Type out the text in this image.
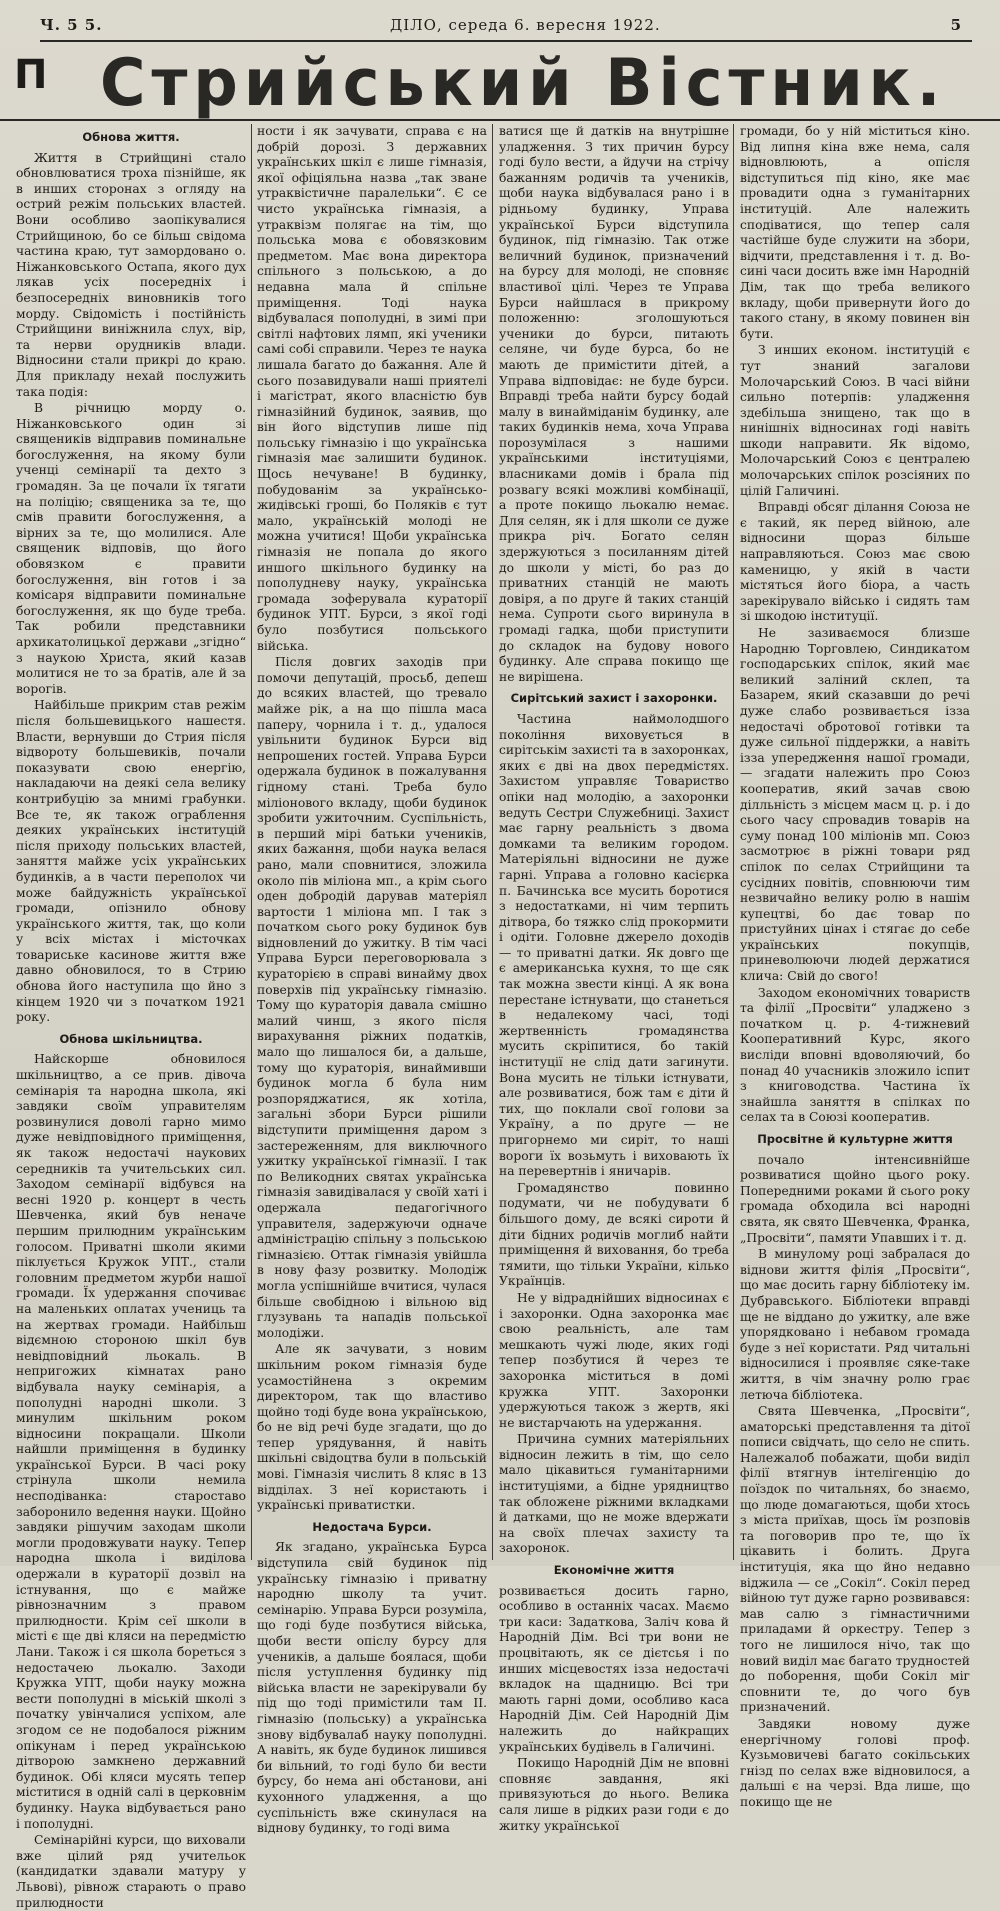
Ч. 5 5.	ДІЛО, середа 6. вересня 1922.	5
П Стрийський Вістник.
Обнова життя.

Життя в Стрийщині стало обновлюватися троха пізнійше, як в инших сторонах з огляду на острий режім польських властей. Вони особливо заопікувалися Стрийщиною, бо се більш свідома частина краю, тут замордовано о. Ніжанковського Остапа, якого дух лякав усіх посередніх і безпосередніх виновників того морду. Свідомість і постійність Стрийщини виніжнила слух, вір, та нерви орудників влади. Відносини стали прикрі до краю. Для прикладу нехай послужить така подія:

В річницю морду о. Ніжанковського один зі священиків відправив поминальне богослуження, на якому були ученці семінарії та дехто з громадян. За це почали їх тягати на поліцію; священика за те, що смів правити богослуження, а вірних за те, що молилися. Але священик відповів, що його обовязком є правити богослуження, він готов і за комісаря відправити поминальне богослуження, як що буде треба. Так робили представники архикатолицької держави „згідно“ з наукою Христа, який казав молитися не то за братів, але й за ворогів.

Найбільше прикрим став режім після большевицького нашестя. Власти, вернувши до Стрия після відвороту большевиків, почали показувати свою енергію, накладаючи на деякі села велику контрибуцію за мнимі грабунки. Все те, як також ограблення деяких українських інституцій після приходу польських властей, заняття майже усіх українських будинків, а в части переполох чи може байдужність української громади, опізнило обнову українського життя, так, що коли у всіх містах і місточках товариське касинове життя вже давно обновилося, то в Стрию обнова його наступила що йно з кінцем 1920 чи з початком 1921 року.

Обнова шкільництва.

Найскорше обновилося шкільництво, а се прив. дівоча семінарія та народна школа, які завдяки своїм управителям розвинулися доволі гарно мимо дуже невідповідного приміщення, як також недостачі наукових середників та учительських сил. Заходом семінарії відбувся на весні 1920 р. концерт в честь Шевченка, який був неначе першим прилюдним українським голосом. Приватні школи якими піклується Кружок УПТ., стали головним предметом журби нашої громади. Їх удержання спочиває на маленьких оплатах учениць та на жертвах громади. Найбільш відємною сторонoю шкіл був невідповідний льокаль. В непригожих кімнатах рано відбувала науку семінарія, а пополудні народні школи. З минулим шкільним роком відносини покращали. Школи найшли приміщення в будинку української Бурси. В часі року стрінула школи немила несподіванка: старостaво заборонило ведення науки. Щойно завдяки рішучим заходам школи могли продовжувати науку. Тепер народна школа і виділова одержали в кураторії дозвіл на істнування, що є майже рівнозначним з правом прилюдности. Крім сеї школи в місті є ще дві кляси на передмістю Лани. Також і ся школа бореться з недостачею льокалю. Заходи Кружка УПТ, щоби науку можна вести пополудні в міській школі з початку увінчалися успіхом, але згодом се не подобалося ріжним опікунам і перед українською дітворою замкнено державний будинок. Обі кляси мусять тепер міститися в одній салі в церковнім будинку. Наука відбувається рано і пополудні.

Семінарійні курси, що виховали вже цілий ряд учительок (кандидатки здавали матуру у Львові), рівнож старають о право прилюдности

ности і як зачувати, справа є на добрій дорозі. З державних українських шкіл є лише гімназія, якої офіціяльна назва „так зване утраквістичне паралельки“. Є се чисто українська гімназія, а утраквізм полягає на тім, що польська мова є обовязковим предметом. Має вона директора спільного з польською, а до недавна мала й спільне приміщення. Тоді наука відбувалася пополудні, в зимі при світлі нафтових лямп, які ученики самі собі справили. Через те наука лишала багато до бажання. Але й сього позавидували наші приятелі і магістрат, якого власністю був гімназійний будинок, заявив, що він його відступив лише під польську гімназію і що українська гімназія має залишити будинок. Щось нечуване! В будинку, побудованім за українсько-жидівські гроші, бо Поляків є тут мало, українській молоді не можна учитися! Щоби українська гімназія не попала до якого иншого шкільного будинку на пополудневу науку, українська громада зоферувала кураторії будинок УПТ. Бурси, з якої годі було позбутися польського війська.

Після довгих заходів при помочи депутацій, просьб, депеш до всяких властей, що тревало майже рік, а на що пішла маса паперу, чорнила і т. д., удалося увільнити будинок Бурси від непрошених гостей. Управа Бурси одержала будинок в пожалування гідному стані. Треба було міліонового вкладу, щоби будинок зробити ужиточним. Суспільність, в перший мірі батьки учеників, яких бажання, щоби наука велася рано, мали сповнитися, зложила около пів міліона мп., а крім сього оден добродій дарував матеріял вартости 1 міліона мп. І так з початком сього року будинок був відновлений до ужитку. В тім часі Управа Бурси переговорювала з кураторією в справі винайму двох поверхів під українську гімназію. Тому що кураторія давала смішно малий чинш, з якого після вирахування ріжних податків, мало що лишалося би, а дальше, тому що кураторія, винаймивши будинок могла б була ним розпоряджатися, як хотіла, загальні збори Бурси рішили відступити приміщення даром з застереженням, для виключного ужитку української гімназії. І так по Великодних святах українська гімназія завидівалася у своїй хаті і одержала педагогічного управителя, задержуючи одначе адміністрацію спільну з польською гімназією. Оттак гімназія увійшла в нову фазу розвитку. Молодіж могла успішнійше вчитися, чулася більше свобідною і вільною від глузувань та нападів польської молодіжи.

Але як зачувати, з новим шкільним роком гімназія буде усамостійнена з окремим директором, так що властиво щойно тоді буде вона українською, бо не від речі буде згадати, що до тепер урядування, й навіть шкільні свідоцтва були в польській мові. Гімназія числить 8 кляс в 13 відділах. З неї користають і українські приватистки.

Недостача Бурси.

Як згадано, українська Бурса відступила свій будинок під українську гімназію і приватну народню школу та учит. семінарію. Управа Бурси розуміла, що годі буде позбутися війська, щоби вести опіслу бурсу для учеників, а дальше боялася, щоби після уступлення будинку під війська власти не зарекірували бу під що тоді примістили там II. гімназію (польську) а українська знову відбувалаб науку пополудні. А навіть, як буде будинок лишився би вільний, то годі було би вести бурсу, бо нема ані обстанови, ані кухонного уладження, а що суспільність вже скинулася на віднову будинку, то годі вима

ватися ще й датків на внутрішне уладження. З тих причин бурсу годі було вести, а йдучи на стрічу бажанням родичів та учеників, щоби наука відбувалася рано і в рідньому будинку, Управа української Бурси відступила будинок, під гімназію. Так отже величний будинок, призначений на бурсу для молоді, не сповняє властивої цілі. Через те Управа Бурси найшлася в прикрому положенню: зголошуються ученики до бурси, питають селяне, чи буде бурса, бо не мають де примістити дітей, а Управа відповідає: не буде бурси. Вправді треба найти бурсу бодай малу в винайміданім будинку, але таких будинків нема, хоча Управа порозумілася з нашими українськими інституціями, власниками домів і брала під розвагу всякі можливі комбінації, а проте покищо льокалю немає. Для селян, як і для школи се дуже прикра річ. Богато селян здержуються з посиланням дітей до школи у містi, бо раз до приватних станцій не мають довіря, а по друге й таких станцій нема. Супроти сього виринула в громаді гадка, щоби приступити до складок на будову нового будинку. Але справа покищо ще не вирішена.

Сирітський захист і захоронки.

Частина наймолодшого покоління виховується в сирітськім захисті та в захоронках, яких є дві на двох передмістях. Захистом управляє Товариство опіки над молодію, а захоронки ведуть Сестри Служебниці. Захист має гарну реальність з двома домками та великим городом. Матеріяльні відносини не дуже гарні. Управа а головно касієрка п. Бачинська все мусить боротися з недостатками, ні чим терпить дітвора, бо тяжко слід прокормити і одіти. Головне джерело доходів — то приватні датки. Як довго ще є американська кухня, то ще сяк так можна звести кінці. А як вона перестане істнувати, що станеться в недалекому часі, тоді жертвенність громадянства мусить скріпитися, бо такій інституції не слід дати загинути. Вона мусить не тільки істнувати, але розвиватися, бож там є діти й тих, що поклали свої голови за Україну, а по друге — не пригорнемо ми сиріт, то наші вороги їх возьмуть і виховають їх на перевертнів і яничарів.

Громадянство повинно подумати, чи не побудувати б більшого дому, де всякі сироти й діти бідних родичів моглиб найти приміщення й виховання, бо треба тямити, що тільки України, кілько Українців.

Не у відраднійших відносинах є і захоронки. Одна захоронка має свою реальність, але там мешкають чужі люде, яких годі тепер позбутися й через те захоронка міститься в домі кружка УПТ. Захоронки удержуються також з жертв, які не вистарчають на удержання.

Причина сумних матеріяльних відносин лежить в тім, що село мало цікавиться гуманітарними інституціями, а бідне урядництво так обложене ріжними вкладками й датками, що не може вдержати на своїх плечах захисту та захоронок.

Економічне життя

розвивається досить гарно, особливо в останніх часах. Маємо три каси: Задаткова, Заліч кова й Народній Дім. Всі три вони не процвітають, як се дієтсья і по инших місцевостях ізза недостачі вкладок на щадницю. Всі три мають гарні доми, особливо каса Народній Дім. Сей Народній Дім належить до найкращих українських будівель в Галичині.

Покищо Народній Дім не вповні сповняє завдання, які привязуються до нього. Велика саля лише в рідких рази годи є до житку української

громади, бо у ній міститься кіно. Від липня кіна вже нема, саля відновлюють, а опісля відступиться під кіно, яке має провадити одна з гуманітарних інституцій. Але належить сподіватися, що тепер саля частійше буде служити на збори, відчити, представлення і т. д. Во-сині часи досить вже імн Народній Дім, так що треба великого вкладу, щоби привернути його до такого стану, в якому повинен він бути.

З инших економ. інституцій є тут знаний загалови Молочарський Союз. В часі війни сильно потерпів: уладження здебільша знищено, так що в нинішніх відносинах годі навіть шкоди направити. Як відомо, Молочарський Союз є централею молочарських спілок розсіяних по цілій Галичині.

Вправді обсяг ділання Союза не є такий, як перед війною, але відносини щораз більше направляються. Союз має свою каменицю, у якій в части містяться його біора, а часть зарекірувало військо і сидять там зі шкодою інституції.

Не зазиваємося близше Народню Торговлею, Синдикатом господарських спілок, який має великий заліний склеп, та Базарем, який сказавши до речі дуже слабо розвивається ізза недостачі обротової готівки та дуже сильної піддержки, а навіть ізза упередження нашої громади, — згадати належить про Союз кооператив, який зачав свою ділльність з місцем масм ц. р. і до сього часу спровадив товарів на суму понад 100 міліонів мп. Союз засмотрює в ріжні товари ряд спілок по селах Стрийщини та сусідних повітів, сповнюючи тим незвичайно велику ролю в нашім купецтві, бо дає товар по пристуйних цінах і стягає до себе українських покупців, приневолюючи людей держатися клича: Свій до свого!

Заходом економічних товариств та філії „Просвіти“ уладжено з початком ц. р. 4-тижневий Кооперативний Курс, якого висліди вповні вдоволяючий, бо понад 40 учасників зложило іспит з книговодства. Частина їх знайшла заняття в спілках по селах та в Союзі кооператив.

Просвітне й культурне життя

почало інтенсивнійше розвиватися щойно цього року. Попередними роками й сього року громада обходила всі народні свята, як свято Шевченка, Франка, „Просвіти“, памяти Упавших і т. д.

В минулому році забралася до віднови життя філія „Просвіти“, що має досить гарну бібліотеку ім. Дубравського. Бібліотеки вправді ще не віддано до ужитку, але вже упорядковано і небавом громада буде з неї користати. Ряд читальні відносилися і проявляє сяке-таке життя, в чім значну ролю грає летюча бібліотека.

Свята Шевченка, „Просвіти“, аматорські представлення та дітої пописи свідчать, що село не спить. Належалоб побажати, щоби виділ філії втягнув інтелігенцію до поїздок по читальнях, бо знаємо, що люде домагаються, щоби хтось з міста приїхав, щось їм розповів та поговорив про те, що їх цікавить і болить. Друга інституція, яка що йно недавно віджила — се „Сокіл“. Сокіл перед війною тут дуже гарно розвивався: мав салю з гімнастичними приладами й оркестру. Тепер з того не лишилося нічо, так що новий виділ має багато трудностей до поборення, щоби Сокіл міг сповнити те, до чого був призначений.

Завдяки новому дуже енергічному голові проф. Кузьмовичеві багато сокільських гнізд по селах вже відновилося, а дальші є на черзі. Вда лише, що покищо ще не
